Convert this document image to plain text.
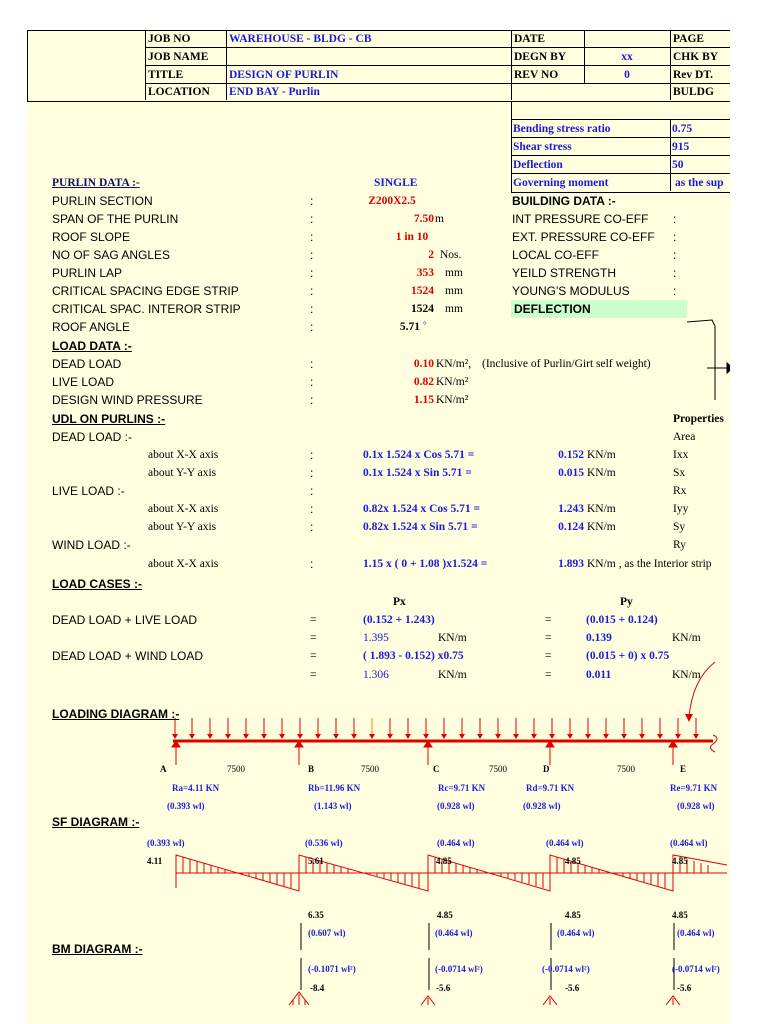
JOB NO	WAREHOUSE - BLDG - CB	DATE	PAGE
JOB NAME	DEGN BY	xx	CHK BY
TITLE	DESIGN OF PURLIN	REV NO	0	Rev DT.
LOCATION END BAY - Purlin	BULDG
Bending stress ratio	0.75
Shear stress	915
Deflection	50
Governing moment	as the sup
PURLIN DATA :-	SINGLE
BUILDING DATA :-
PURLIN SECTION	:	Z200X2.5
SPAN OF THE PURLIN	:	7.50 m
ROOF SLOPE	:	1 in 10
INT PRESSURE CO-EFF :
EXT. PRESSURE CO-EFF :
NO OF SAG ANGLES	:	2 Nos.	LOCAL CO-EFF	:
PURLIN LAP	:	353 mm	YEILD STRENGTH	:
CRITICAL SPACING EDGE STRIP	:	1524 mm	YOUNG'S MODULUS	:
CRITICAL SPAC. INTEROR STRIP	:	1524 mm	DEFLECTION
ROOF ANGLE	:	5.71 °
LOAD DATA :-
DEAD LOAD	:	0.10 KN/m², (Inclusive of Purlin/Girt self weight)
LIVE LOAD	:	0.82 KN/m²
DESIGN WIND PRESSURE	:	1.15 KN/m²
UDL ON PURLINS :-	Properties
DEAD LOAD :-	Area
about X-X axis	:	0.1x 1.524 x Cos 5.71 =	0.152 KN/m	Ixx
about Y-Y axis	:	0.1x 1.524 x Sin 5.71 =	0.015 KN/m	Sx
LIVE LOAD :-	:	Rx
about X-X axis	:	0.82x 1.524 x Cos 5.71 =	1.243 KN/m	Iyy
about Y-Y axis	:	0.82x 1.524 x Sin 5.71 =	0.124 KN/m	Sy
WIND LOAD :-	Ry
about X-X axis	:	1.15 x ( 0 + 1.08 )x1.524 =	1.893 KN/m , as the Interior strip
LOAD CASES :-
Px	Py
DEAD LOAD + LIVE LOAD	=	(0.152 + 1.243)	=	(0.015 + 0.124)
=	1.395	KN/m	=	0.139	KN/m
DEAD LOAD + WIND LOAD	=	( 1.893 - 0.152) x0.75	=	(0.015 + 0) x 0.75
=	1.306	KN/m	=	0.011	KN/m
LOADING DIAGRAM :-
A	B	C	D	E
7500	7500	7500	7500
Ra=4.11 KN	Rb=11.96 KN	Rc=9.71 KN	Rd=9.71 KN	Re=9.71 KN
(0.393 wl)	(1.143 wl)	(0.928 wl)	(0.928 wl)	(0.928 wl)
SF DIAGRAM :-
(0.393 wl)	(0.536 wl)	(0.464 wl)	(0.464 wl)	(0.464 wl)
4.11	5.61	4.85	4.85	4.85
6.35	4.85	4.85	4.85
(0.607 wl)	(0.464 wl)	(0.464 wl)	(0.464 wl)
BM DIAGRAM :-
(-0.1071 wl²)	(-0.0714 wl²)	(-0.0714 wl²)	(-0.0714 wl²)
-8.4	-5.6	-5.6	-5.6
